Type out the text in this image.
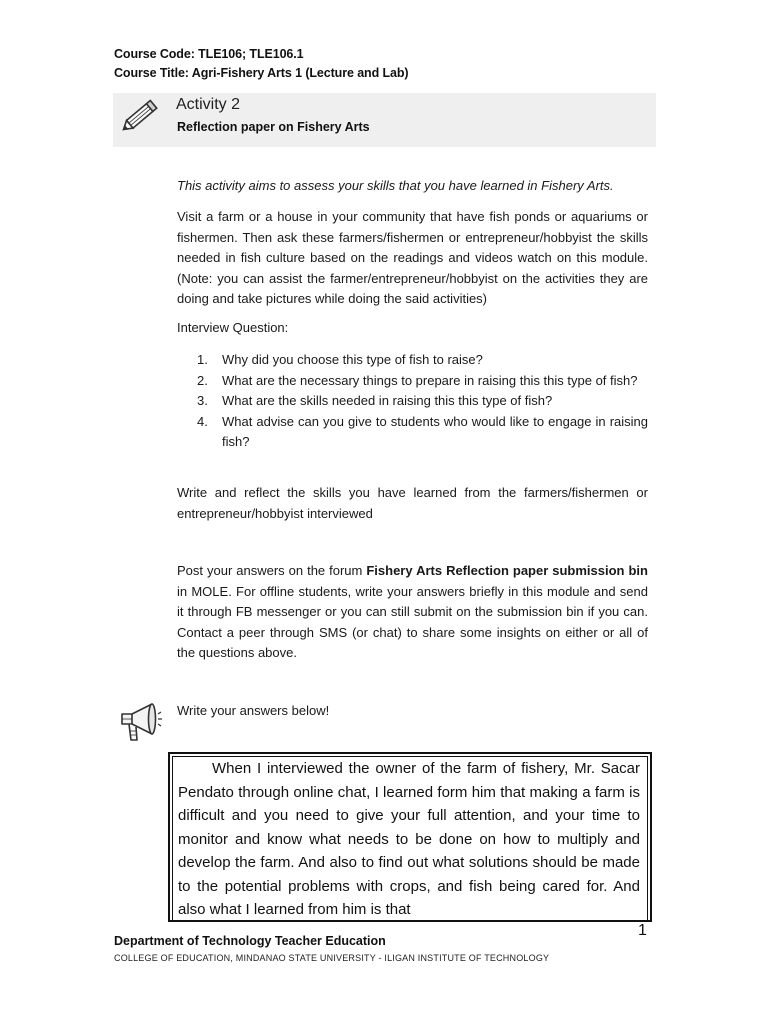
Course Code: TLE106; TLE106.1
Course Title: Agri-Fishery Arts 1 (Lecture and Lab)
Activity 2
Reflection paper on Fishery Arts
This activity aims to assess your skills that you have learned in Fishery Arts.
Visit a farm or a house in your community that have fish ponds or aquariums or fishermen. Then ask these farmers/fishermen or entrepreneur/hobbyist the skills needed in fish culture based on the readings and videos watch on this module. (Note: you can assist the farmer/entrepreneur/hobbyist on the activities they are doing and take pictures while doing the said activities)
Interview Question:
1. Why did you choose this type of fish to raise?
2. What are the necessary things to prepare in raising this this type of fish?
3. What are the skills needed in raising this this type of fish?
4. What advise can you give to students who would like to engage in raising fish?
Write and reflect the skills you have learned from the farmers/fishermen or entrepreneur/hobbyist interviewed
Post your answers on the forum Fishery Arts Reflection paper submission bin in MOLE. For offline students, write your answers briefly in this module and send it through FB messenger or you can still submit on the submission bin if you can. Contact a peer through SMS (or chat) to share some insights on either or all of the questions above.
Write your answers below!
When I interviewed the owner of the farm of fishery, Mr. Sacar Pendato through online chat, I learned form him that making a farm is difficult and you need to give your full attention, and your time to monitor and know what needs to be done on how to multiply and develop the farm. And also to find out what solutions should be made to the potential problems with crops, and fish being cared for. And also what I learned from him is that
1
Department of Technology Teacher Education
COLLEGE OF EDUCATION, MINDANAO STATE UNIVERSITY - ILIGAN INSTITUTE OF TECHNOLOGY
